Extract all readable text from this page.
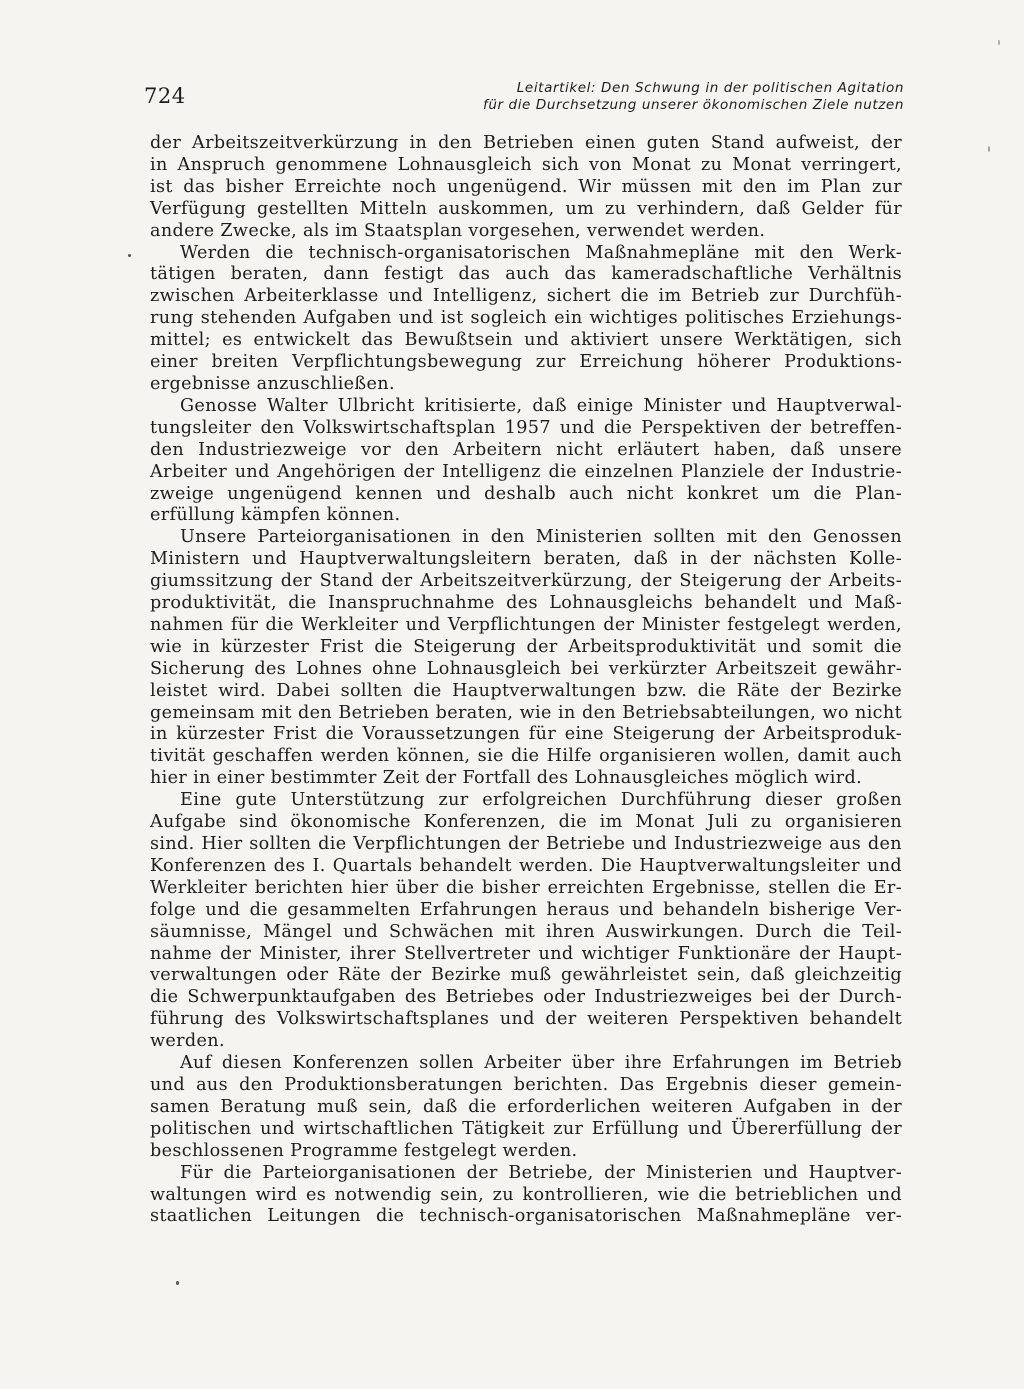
724	Leitartikel: Den Schwung in der politischen Agitation
für die Durchsetzung unserer ökonomischen Ziele nutzen

der Arbeitszeitverkürzung in den Betrieben einen guten Stand aufweist, der
in Anspruch genommene Lohnausgleich sich von Monat zu Monat verringert,
ist das bisher Erreichte noch ungenügend. Wir müssen mit den im Plan zur
Verfügung gestellten Mitteln auskommen, um zu verhindern, daß Gelder für
andere Zwecke, als im Staatsplan vorgesehen, verwendet werden.

Werden die technisch-organisatorischen Maßnahmepläne mit den Werk-
tätigen beraten, dann festigt das auch das kameradschaftliche Verhältnis
zwischen Arbeiterklasse und Intelligenz, sichert die im Betrieb zur Durchfüh-
rung stehenden Aufgaben und ist sogleich ein wichtiges politisches Erziehungs-
mittel; es entwickelt das Bewußtsein und aktiviert unsere Werktätigen, sich
einer breiten Verpflichtungsbewegung zur Erreichung höherer Produktions-
ergebnisse anzuschließen.

Genosse Walter Ulbricht kritisierte, daß einige Minister und Hauptverwal-
tungsleiter den Volkswirtschaftsplan 1957 und die Perspektiven der betreffen-
den Industriezweige vor den Arbeitern nicht erläutert haben, daß unsere
Arbeiter und Angehörigen der Intelligenz die einzelnen Planziele der Industrie-
zweige ungenügend kennen und deshalb auch nicht konkret um die Plan-
erfüllung kämpfen können.

Unsere Parteiorganisationen in den Ministerien sollten mit den Genossen
Ministern und Hauptverwaltungsleitern beraten, daß in der nächsten Kolle-
giumssitzung der Stand der Arbeitszeitverkürzung, der Steigerung der Arbeits-
produktivität, die Inanspruchnahme des Lohnausgleichs behandelt und Maß-
nahmen für die Werkleiter und Verpflichtungen der Minister festgelegt werden,
wie in kürzester Frist die Steigerung der Arbeitsproduktivität und somit die
Sicherung des Lohnes ohne Lohnausgleich bei verkürzter Arbeitszeit gewähr-
leistet wird. Dabei sollten die Hauptverwaltungen bzw. die Räte der Bezirke
gemeinsam mit den Betrieben beraten, wie in den Betriebsabteilungen, wo nicht
in kürzester Frist die Voraussetzungen für eine Steigerung der Arbeitsproduk-
tivität geschaffen werden können, sie die Hilfe organisieren wollen, damit auch
hier in einer bestimmter Zeit der Fortfall des Lohnausgleiches möglich wird.

Eine gute Unterstützung zur erfolgreichen Durchführung dieser großen
Aufgabe sind ökonomische Konferenzen, die im Monat Juli zu organisieren
sind. Hier sollten die Verpflichtungen der Betriebe und Industriezweige aus den
Konferenzen des I. Quartals behandelt werden. Die Hauptverwaltungsleiter und
Werkleiter berichten hier über die bisher erreichten Ergebnisse, stellen die Er-
folge und die gesammelten Erfahrungen heraus und behandeln bisherige Ver-
säumnisse, Mängel und Schwächen mit ihren Auswirkungen. Durch die Teil-
nahme der Minister, ihrer Stellvertreter und wichtiger Funktionäre der Haupt-
verwaltungen oder Räte der Bezirke muß gewährleistet sein, daß gleichzeitig
die Schwerpunktaufgaben des Betriebes oder Industriezweiges bei der Durch-
führung des Volkswirtschaftsplanes und der weiteren Perspektiven behandelt
werden.

Auf diesen Konferenzen sollen Arbeiter über ihre Erfahrungen im Betrieb
und aus den Produktionsberatungen berichten. Das Ergebnis dieser gemein-
samen Beratung muß sein, daß die erforderlichen weiteren Aufgaben in der
politischen und wirtschaftlichen Tätigkeit zur Erfüllung und Übererfüllung der
beschlossenen Programme festgelegt werden.

Für die Parteiorganisationen der Betriebe, der Ministerien und Hauptver-
waltungen wird es notwendig sein, zu kontrollieren, wie die betrieblichen und
staatlichen Leitungen die technisch-organisatorischen Maßnahmepläne ver-
